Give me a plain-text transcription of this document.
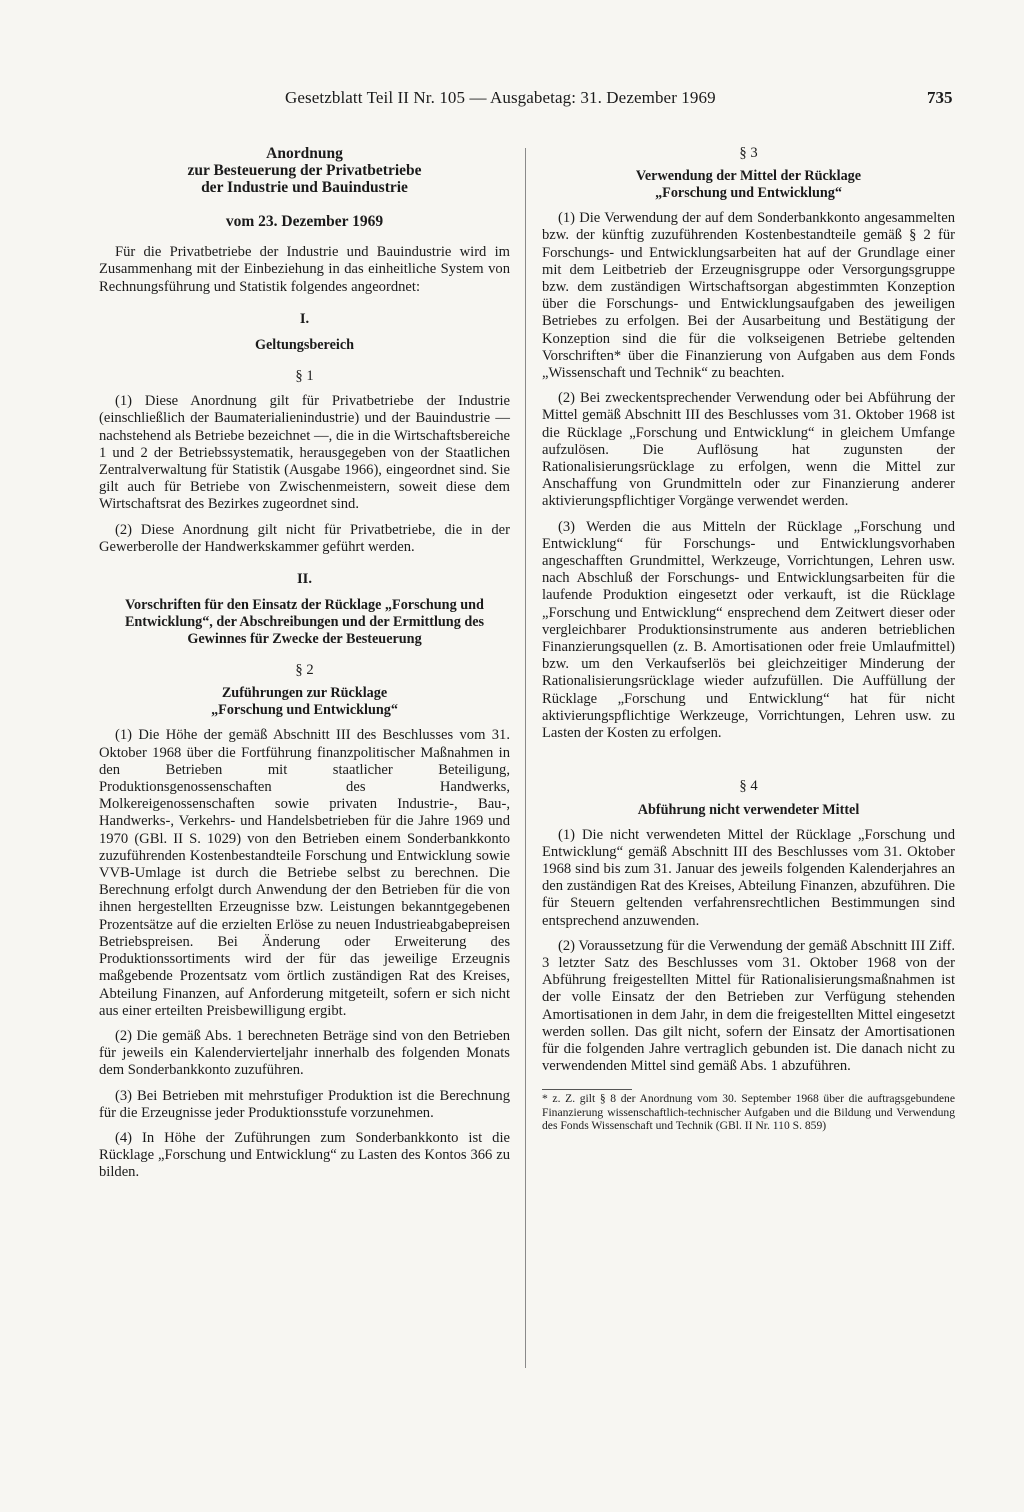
Gesetzblatt Teil II Nr. 105 — Ausgabetag: 31. Dezember 1969	735
Anordnung
zur Besteuerung der Privatbetriebe
der Industrie und Bauindustrie
vom 23. Dezember 1969

Für die Privatbetriebe der Industrie und Bauindustrie wird im Zusammenhang mit der Einbeziehung in das einheitliche System von Rechnungsführung und Statistik folgendes angeordnet:

I.
Geltungsbereich
§ 1

(1) Diese Anordnung gilt für Privatbetriebe der Industrie (einschließlich der Baumaterialienindustrie) und der Bauindustrie — nachstehend als Betriebe bezeichnet —, die in die Wirtschaftsbereiche 1 und 2 der Betriebssystematik, herausgegeben von der Staatlichen Zentralverwaltung für Statistik (Ausgabe 1966), eingeordnet sind. Sie gilt auch für Betriebe von Zwischenmeistern, soweit diese dem Wirtschaftsrat des Bezirkes zugeordnet sind.

(2) Diese Anordnung gilt nicht für Privatbetriebe, die in der Gewerberolle der Handwerkskammer geführt werden.

II.
Vorschriften für den Einsatz der Rücklage „Forschung und Entwicklung“, der Abschreibungen und der Ermittlung des Gewinnes für Zwecke der Besteuerung
§ 2
Zuführungen zur Rücklage
„Forschung und Entwicklung“

(1) Die Höhe der gemäß Abschnitt III des Beschlusses vom 31. Oktober 1968 über die Fortführung finanzpolitischer Maßnahmen in den Betrieben mit staatlicher Beteiligung, Produktionsgenossenschaften des Handwerks, Molkereigenossenschaften sowie privaten Industrie-, Bau-, Handwerks-, Verkehrs- und Handelsbetrieben für die Jahre 1969 und 1970 (GBl. II S. 1029) von den Betrieben einem Sonderbankkonto zuzuführenden Kostenbestandteile Forschung und Entwicklung sowie VVB-Umlage ist durch die Betriebe selbst zu berechnen. Die Berechnung erfolgt durch Anwendung der den Betrieben für die von ihnen hergestellten Erzeugnisse bzw. Leistungen bekanntgegebenen Prozentsätze auf die erzielten Erlöse zu neuen Industrieabgabepreisen Betriebspreisen. Bei Änderung oder Erweiterung des Produktionssortiments wird der für das jeweilige Erzeugnis maßgebende Prozentsatz vom örtlich zuständigen Rat des Kreises, Abteilung Finanzen, auf Anforderung mitgeteilt, sofern er sich nicht aus einer erteilten Preisbewilligung ergibt.

(2) Die gemäß Abs. 1 berechneten Beträge sind von den Betrieben für jeweils ein Kalendervierteljahr innerhalb des folgenden Monats dem Sonderbankkonto zuzuführen.

(3) Bei Betrieben mit mehrstufiger Produktion ist die Berechnung für die Erzeugnisse jeder Produktionsstufe vorzunehmen.

(4) In Höhe der Zuführungen zum Sonderbankkonto ist die Rücklage „Forschung und Entwicklung“ zu Lasten des Kontos 366 zu bilden.

§ 3
Verwendung der Mittel der Rücklage
„Forschung und Entwicklung“

(1) Die Verwendung der auf dem Sonderbankkonto angesammelten bzw. der künftig zuzuführenden Kostenbestandteile gemäß § 2 für Forschungs- und Entwicklungsarbeiten hat auf der Grundlage einer mit dem Leitbetrieb der Erzeugnisgruppe oder Versorgungsgruppe bzw. dem zuständigen Wirtschaftsorgan abgestimmten Konzeption über die Forschungs- und Entwicklungsaufgaben des jeweiligen Betriebes zu erfolgen. Bei der Ausarbeitung und Bestätigung der Konzeption sind die für die volkseigenen Betriebe geltenden Vorschriften* über die Finanzierung von Aufgaben aus dem Fonds „Wissenschaft und Technik“ zu beachten.

(2) Bei zweckentsprechender Verwendung oder bei Abführung der Mittel gemäß Abschnitt III des Beschlusses vom 31. Oktober 1968 ist die Rücklage „Forschung und Entwicklung“ in gleichem Umfange aufzulösen. Die Auflösung hat zugunsten der Rationalisierungsrücklage zu erfolgen, wenn die Mittel zur Anschaffung von Grundmitteln oder zur Finanzierung anderer aktivierungspflichtiger Vorgänge verwendet werden.

(3) Werden die aus Mitteln der Rücklage „Forschung und Entwicklung“ für Forschungs- und Entwicklungsvorhaben angeschafften Grundmittel, Werkzeuge, Vorrichtungen, Lehren usw. nach Abschluß der Forschungs- und Entwicklungsarbeiten für die laufende Produktion eingesetzt oder verkauft, ist die Rücklage „Forschung und Entwicklung“ ensprechend dem Zeitwert dieser oder vergleichbarer Produktionsinstrumente aus anderen betrieblichen Finanzierungsquellen (z. B. Amortisationen oder freie Umlaufmittel) bzw. um den Verkaufserlös bei gleichzeitiger Minderung der Rationalisierungsrücklage wieder aufzufüllen. Die Auffüllung der Rücklage „Forschung und Entwicklung“ hat für nicht aktivierungspflichtige Werkzeuge, Vorrichtungen, Lehren usw. zu Lasten der Kosten zu erfolgen.

§ 4
Abführung nicht verwendeter Mittel

(1) Die nicht verwendeten Mittel der Rücklage „Forschung und Entwicklung“ gemäß Abschnitt III des Beschlusses vom 31. Oktober 1968 sind bis zum 31. Januar des jeweils folgenden Kalenderjahres an den zuständigen Rat des Kreises, Abteilung Finanzen, abzuführen. Die für Steuern geltenden verfahrensrechtlichen Bestimmungen sind entsprechend anzuwenden.

(2) Voraussetzung für die Verwendung der gemäß Abschnitt III Ziff. 3 letzter Satz des Beschlusses vom 31. Oktober 1968 von der Abführung freigestellten Mittel für Rationalisierungsmaßnahmen ist der volle Einsatz der den Betrieben zur Verfügung stehenden Amortisationen in dem Jahr, in dem die freigestellten Mittel eingesetzt werden sollen. Das gilt nicht, sofern der Einsatz der Amortisationen für die folgenden Jahre vertraglich gebunden ist. Die danach nicht zu verwendenden Mittel sind gemäß Abs. 1 abzuführen.

* z. Z. gilt § 8 der Anordnung vom 30. September 1968 über die auftragsgebundene Finanzierung wissenschaftlich-technischer Aufgaben und die Bildung und Verwendung des Fonds Wissenschaft und Technik (GBl. II Nr. 110 S. 859)
